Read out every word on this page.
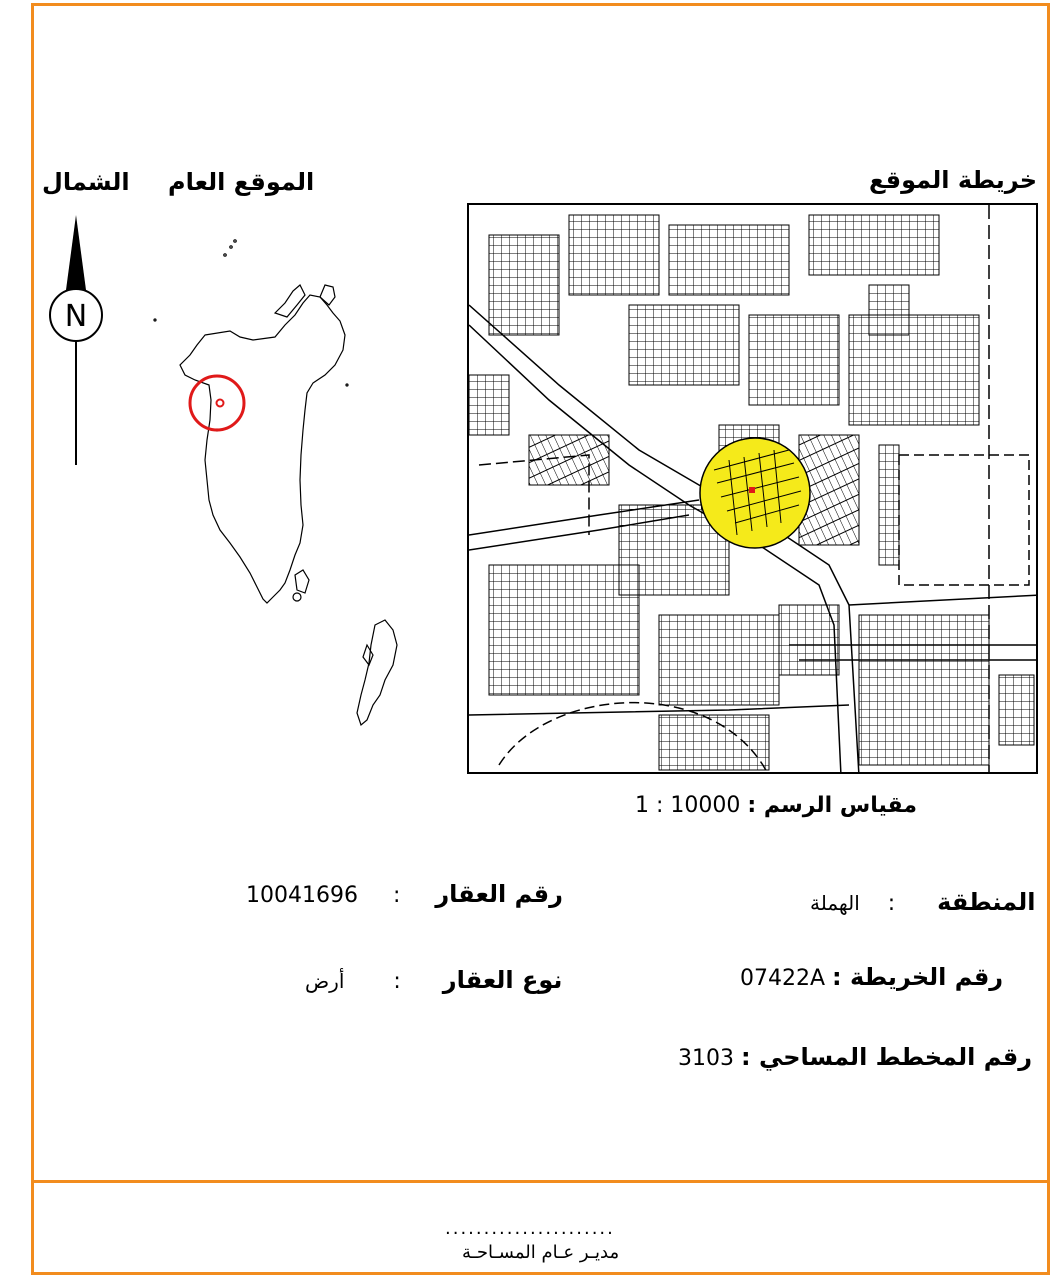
خريطة الموقع
الموقع العام
الشمال
N
1 : 10000 مقياس الرسم :
المنطقة      :    الهملة
07422A رقم الخريطة :
3103 رقم المخطط المساحي :
10041696 : رقم العقار
أرض : نوع العقار
......................
مديـر عـام المسـاحـة
